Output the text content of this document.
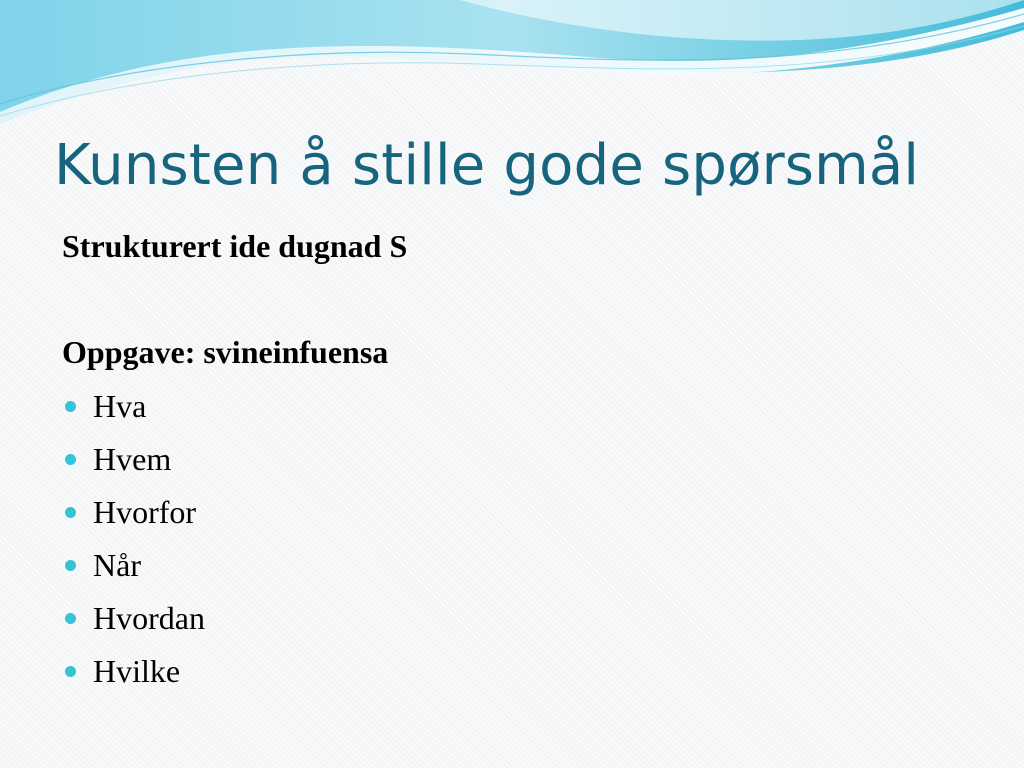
Kunsten å stille gode spørsmål
Strukturert ide dugnad S
Oppgave: svineinfuensa
Hva
Hvem
Hvorfor
Når
Hvordan
Hvilke
